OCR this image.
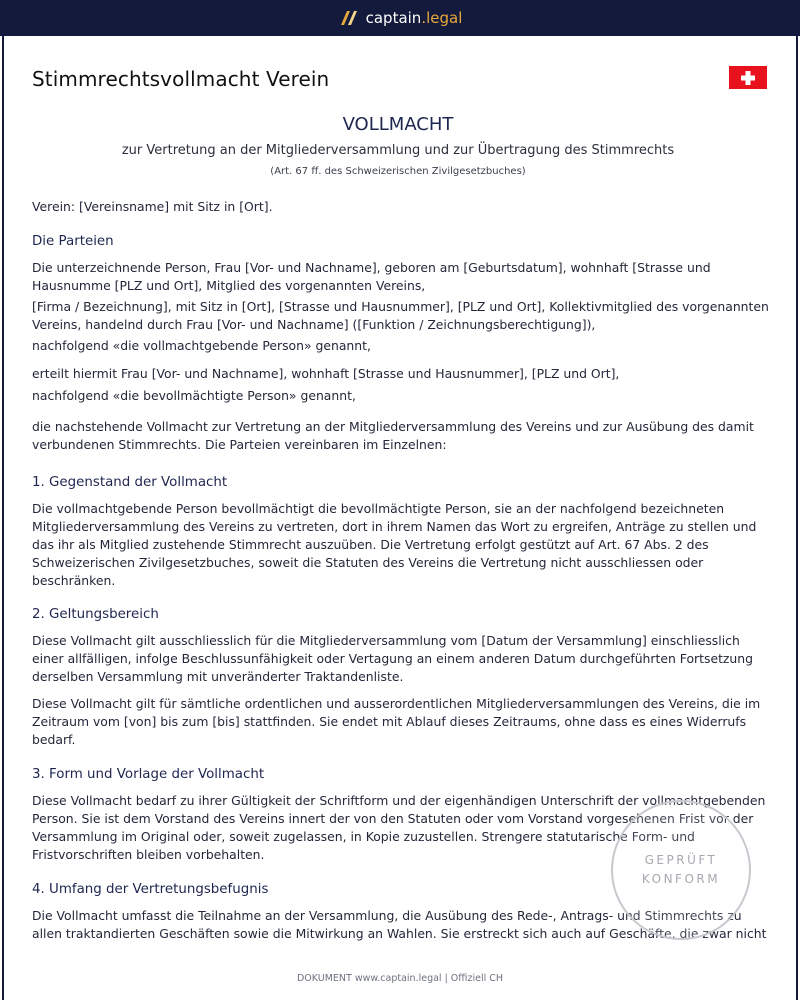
captain.legal
Stimmrechtsvollmacht Verein
VOLLMACHT
zur Vertretung an der Mitgliederversammlung und zur Übertragung des Stimmrechts
(Art. 67 ff. des Schweizerischen Zivilgesetzbuches)

Verein: [Vereinsname] mit Sitz in [Ort].

Die Parteien

Die unterzeichnende Person, Frau [Vor- und Nachname], geboren am [Geburtsdatum], wohnhaft [Strasse und Hausnumme [PLZ und Ort], Mitglied des vorgenannten Vereins,

[Firma / Bezeichnung], mit Sitz in [Ort], [Strasse und Hausnummer], [PLZ und Ort], Kollektivmitglied des vorgenannten Vereins, handelnd durch Frau [Vor- und Nachname] ([Funktion / Zeichnungsberechtigung]),

nachfolgend «die vollmachtgebende Person» genannt,

erteilt hiermit Frau [Vor- und Nachname], wohnhaft [Strasse und Hausnummer], [PLZ und Ort],

nachfolgend «die bevollmächtigte Person» genannt,

die nachstehende Vollmacht zur Vertretung an der Mitgliederversammlung des Vereins und zur Ausübung des damit verbundenen Stimmrechts. Die Parteien vereinbaren im Einzelnen:

1. Gegenstand der Vollmacht

Die vollmachtgebende Person bevollmächtigt die bevollmächtigte Person, sie an der nachfolgend bezeichneten Mitgliederversammlung des Vereins zu vertreten, dort in ihrem Namen das Wort zu ergreifen, Anträge zu stellen und das ihr als Mitglied zustehende Stimmrecht auszuüben. Die Vertretung erfolgt gestützt auf Art. 67 Abs. 2 des Schweizerischen Zivilgesetzbuches, soweit die Statuten des Vereins die Vertretung nicht ausschliessen oder beschränken.

2. Geltungsbereich

Diese Vollmacht gilt ausschliesslich für die Mitgliederversammlung vom [Datum der Versammlung] einschliesslich einer allfälligen, infolge Beschlussunfähigkeit oder Vertagung an einem anderen Datum durchgeführten Fortsetzung derselben Versammlung mit unveränderter Traktandenliste.

Diese Vollmacht gilt für sämtliche ordentlichen und ausserordentlichen Mitgliederversammlungen des Vereins, die im Zeitraum vom [von] bis zum [bis] stattfinden. Sie endet mit Ablauf dieses Zeitraums, ohne dass es eines Widerrufs bedarf.

3. Form und Vorlage der Vollmacht

Diese Vollmacht bedarf zu ihrer Gültigkeit der Schriftform und der eigenhändigen Unterschrift der vollmachtgebenden Person. Sie ist dem Vorstand des Vereins innert der von den Statuten oder vom Vorstand vorgesehenen Frist vor der Versammlung im Original oder, soweit zugelassen, in Kopie zuzustellen. Strengere statutarische Form- und Fristvorschriften bleiben vorbehalten.

4. Umfang der Vertretungsbefugnis

Die Vollmacht umfasst die Teilnahme an der Versammlung, die Ausübung des Rede-, Antrags- und Stimmrechts zu allen traktandierten Geschäften sowie die Mitwirkung an Wahlen. Sie erstreckt sich auch auf Geschäfte, die zwar nicht

GEPRÜFT
KONFORM
DOKUMENT www.captain.legal | Offiziell CH
